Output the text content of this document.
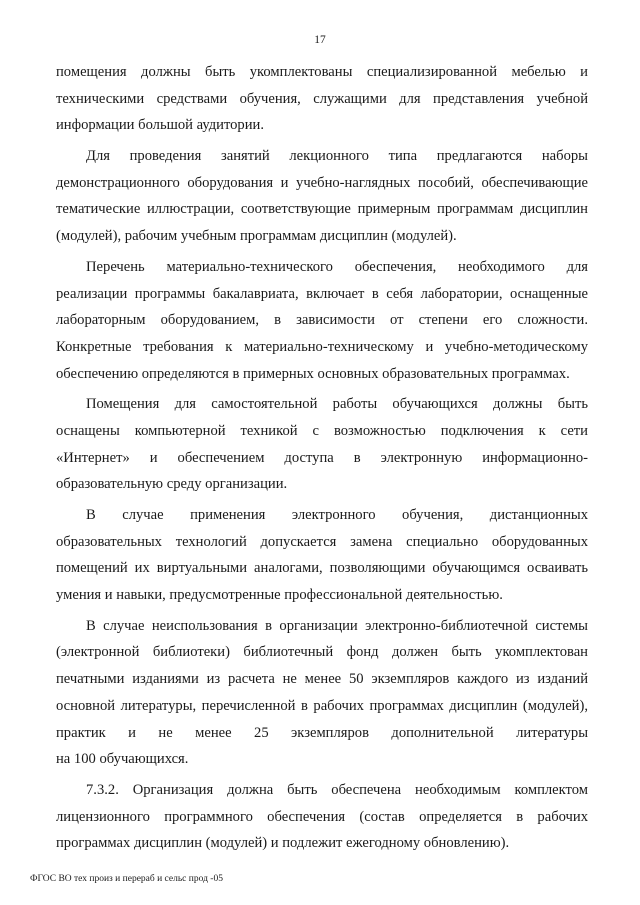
17
помещения должны быть укомплектованы специализированной мебелью и
техническими средствами обучения, служащими для представления учебной
информации большой аудитории.
Для проведения занятий лекционного типа предлагаются наборы
демонстрационного оборудования и учебно-наглядных пособий, обеспечивающие
тематические иллюстрации, соответствующие примерным программам дисциплин
(модулей), рабочим учебным программам дисциплин (модулей).
Перечень материально-технического обеспечения, необходимого для
реализации программы бакалавриата, включает в себя лаборатории, оснащенные
лабораторным оборудованием, в зависимости от степени его сложности.
Конкретные требования к материально-техническому и учебно-методическому
обеспечению определяются в примерных основных образовательных программах.
Помещения для самостоятельной работы обучающихся должны быть
оснащены компьютерной техникой с возможностью подключения к сети
«Интернет» и обеспечением доступа в электронную информационно-
образовательную среду организации.
В случае применения электронного обучения, дистанционных
образовательных технологий допускается замена специально оборудованных
помещений их виртуальными аналогами, позволяющими обучающимся осваивать
умения и навыки, предусмотренные профессиональной деятельностью.
В случае неиспользования в организации электронно-библиотечной системы
(электронной библиотеки) библиотечный фонд должен быть укомплектован
печатными изданиями из расчета не менее 50 экземпляров каждого из изданий
основной литературы, перечисленной в рабочих программах дисциплин (модулей),
практик и не менее 25 экземпляров дополнительной литературы
на 100 обучающихся.
7.3.2. Организация должна быть обеспечена необходимым комплектом
лицензионного программного обеспечения (состав определяется в рабочих
программах дисциплин (модулей) и подлежит ежегодному обновлению).
ФГОС ВО тех произ и перераб и сельс прод -05
